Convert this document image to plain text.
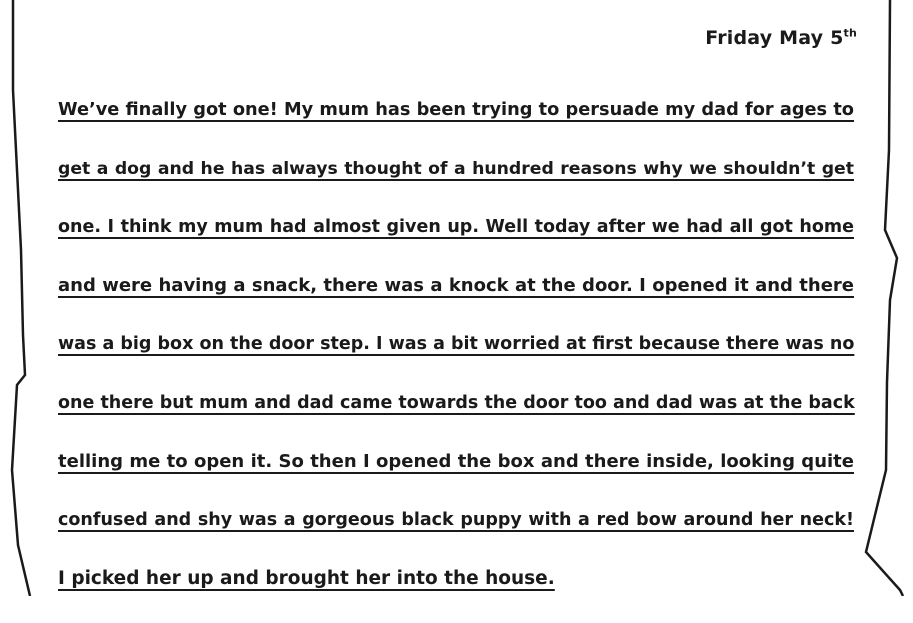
Friday May 5th
We’ve finally got one! My mum has been trying to persuade my dad for ages to
get a dog and he has always thought of a hundred reasons why we shouldn’t get
one. I think my mum had almost given up. Well today after we had all got home
and were having a snack, there was a knock at the door. I opened it and there
was a big box on the door step. I was a bit worried at first because there was no
one there but mum and dad came towards the door too and dad was at the back
telling me to open it. So then I opened the box and there inside, looking quite
confused and shy was a gorgeous black puppy with a red bow around her neck!
I picked her up and brought her into the house.
